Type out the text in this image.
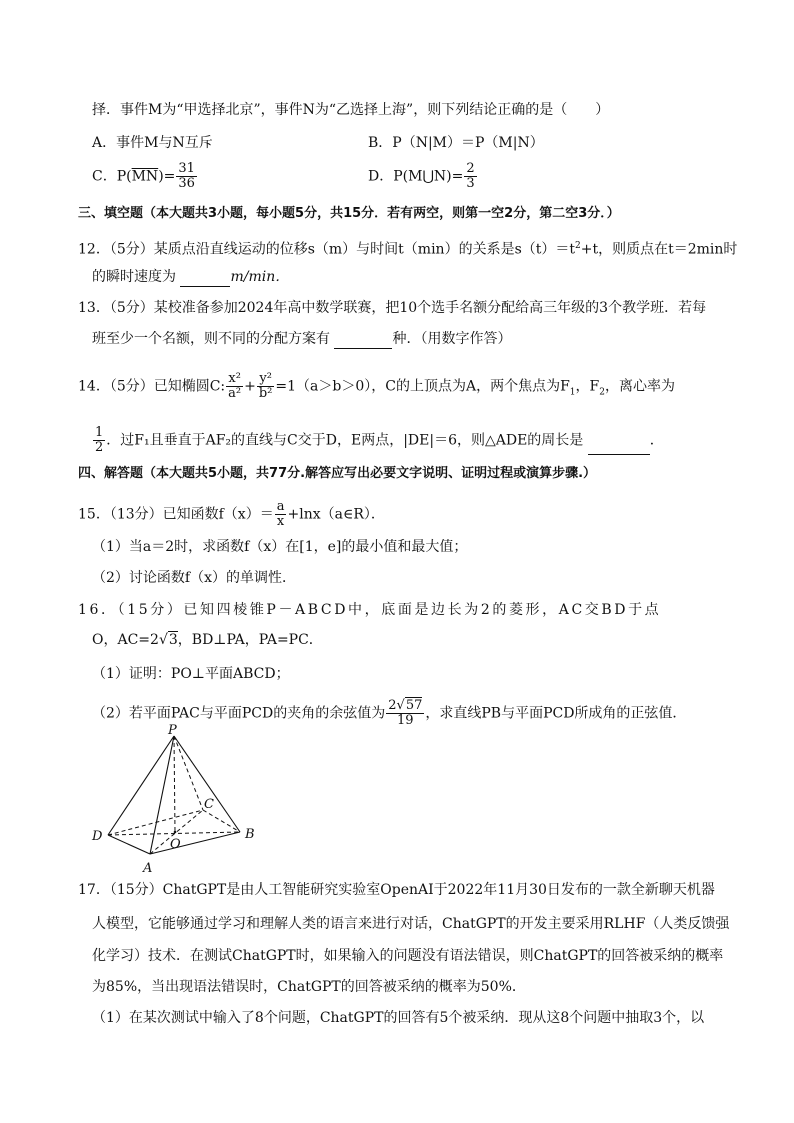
择．事件M为“甲选择北京”，事件N为“乙选择上海”，则下列结论正确的是（　　）
A．事件M与N互斥	B．P（N|M）＝P（M|N）
C．$P(\overline{MN})= \frac{31}{36}$	D．P(M⋃N)= $\frac{2}{3}$
三、填空题（本大题共3小题，每小题5分，共15分．若有两空，则第一空2分，第二空3分．）
12．（5分）某质点沿直线运动的位移s（m）与时间t（min）的关系是$s(t)=t^2+t$，则质点在t＝2min时
的瞬时速度为	m/min．
13．（5分）某校准备参加2024年高中数学联赛，把10个选手名额分配给高三年级的3个教学班．若每
班至少一个名额，则不同的分配方案有	种．（用数字作答）
14．（5分）已知椭圆C: $\frac{\text{x²}}{\text{a²}} + \frac{\text{y²}}{\text{b²}} =1(a>b>0)$，C的上顶点为A，两个焦点为$F_1$，$F_2$，离心率为
$\frac{1}{2}$ ．过F₁且垂直于AF₂的直线与C交于D，E两点，|DE|＝6，则△ADE的周长是	．
四、解答题（本大题共5小题，共77分.解答应写出必要文字说明、证明过程或演算步骤.）
15．（13分）已知函数$f(x)= \frac{a}{x}$ +lnx（a∈R）．
（1）当a＝2时，求函数f（x）在[1，e]的最小值和最大值；
（2）讨论函数f（x）的单调性．
16．（15分）已知四棱锥P－ABCD中，底面是边长为2的菱形，AC交BD于点
O，AC=2√3，BD⊥PA，PA=PC．
（1）证明：PO⊥平面ABCD；
（2）若平面PAC与平面PCD的夹角的余弦值为 $\frac{2√57}{19}$ ，求直线PB与平面PCD所成角的正弦值．
P
D
A
B
C
O
17．（15分）ChatGPT是由人工智能研究实验室OpenAI于2022年11月30日发布的一款全新聊天机器
人模型，它能够通过学习和理解人类的语言来进行对话，ChatGPT的开发主要采用RLHF（人类反馈强
化学习）技术．在测试ChatGPT时，如果输入的问题没有语法错误，则ChatGPT的回答被采纳的概率
为85%，当出现语法错误时，ChatGPT的回答被采纳的概率为50%．
（1）在某次测试中输入了8个问题，ChatGPT的回答有5个被采纳．现从这8个问题中抽取3个，以
